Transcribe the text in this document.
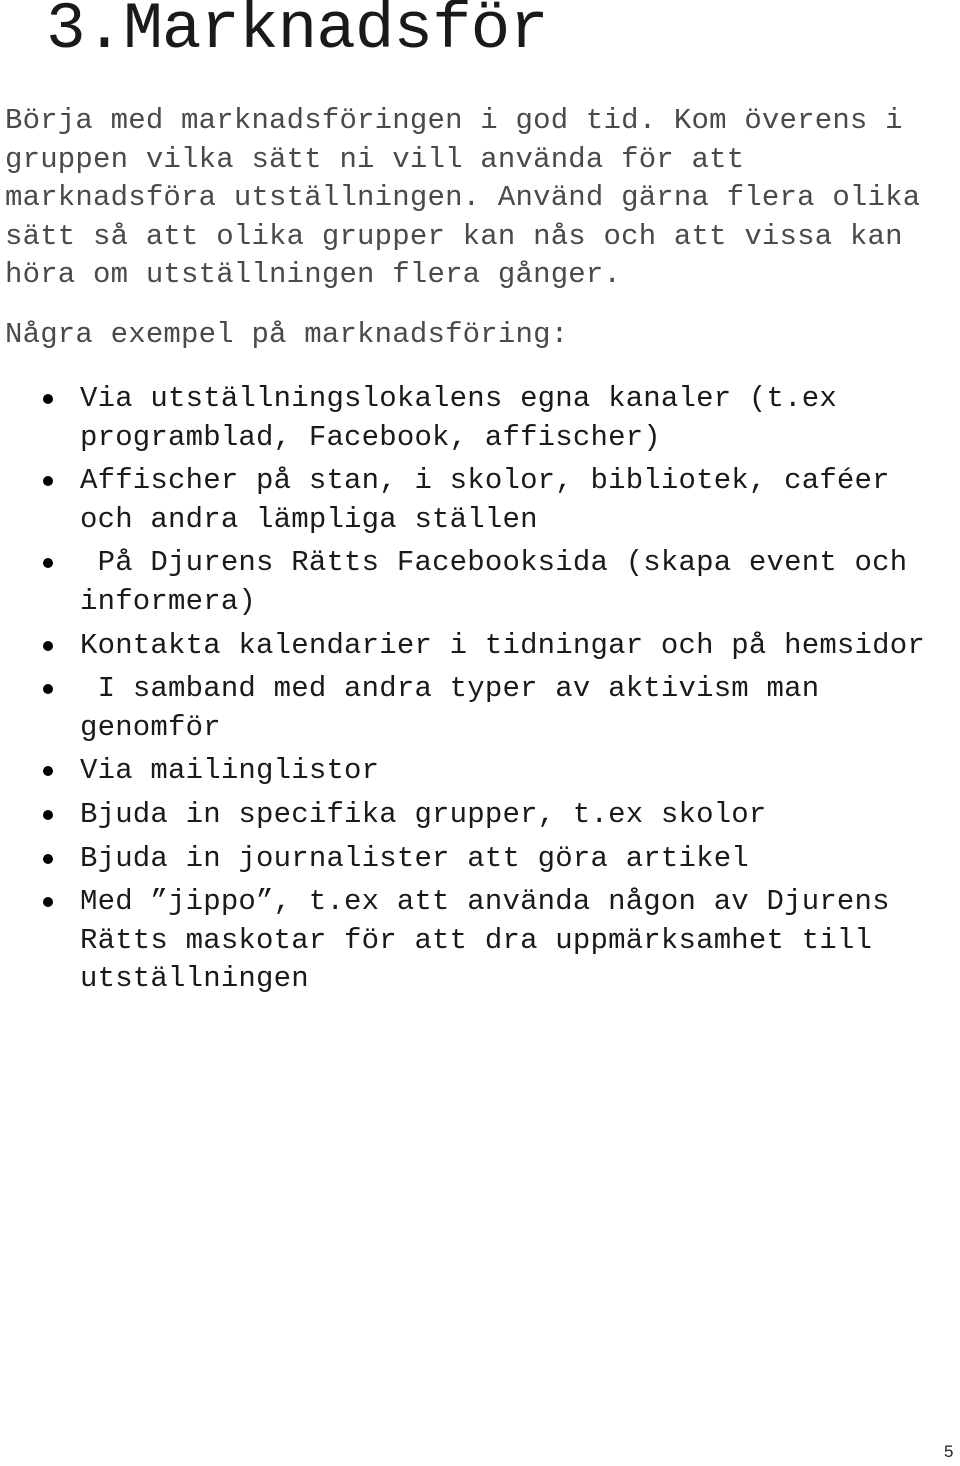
3.Marknadsför

Börja med marknadsföringen i god tid. Kom överens i gruppen vilka sätt ni vill använda för att marknadsföra utställningen. Använd gärna flera olika sätt så att olika grupper kan nås och att vissa kan höra om utställningen flera gånger.

Några exempel på marknadsföring:

Via utställningslokalens egna kanaler (t.ex programblad, Facebook, affischer)
Affischer på stan, i skolor, bibliotek, caféer och andra lämpliga ställen
På Djurens Rätts Facebooksida (skapa event och informera)
Kontakta kalendarier i tidningar och på hemsidor
I samband med andra typer av aktivism man genomför
Via mailinglistor
Bjuda in specifika grupper, t.ex skolor
Bjuda in journalister att göra artikel
Med ”jippo”, t.ex att använda någon av Djurens Rätts maskotar för att dra uppmärksamhet till utställningen
5
